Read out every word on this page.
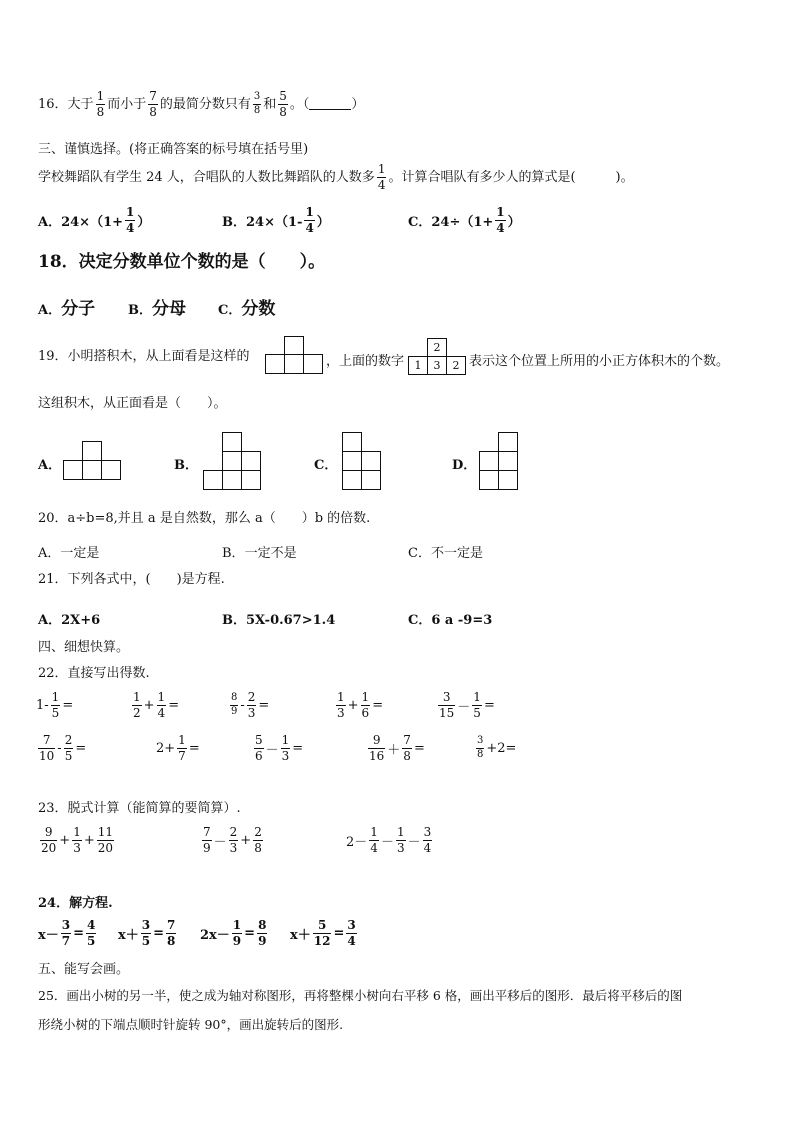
16． 大于 $\frac{1}{8}$ 而小于 $\frac{7}{8}$ 的最简分数只有 $\frac{3}{8}$ 和 $\frac{5}{8}$ 。（	）
三、谨慎选择。(将正确答案的标号填在括号里)
学校舞蹈队有学生 24 人，合唱队的人数比舞蹈队的人数多 $\frac{1}{4}$ 。计算合唱队有多少人的算式是(	)。
A． $24\times(1+ \frac{1}{4}$ ）	B． $24\times(1- \frac{1}{4}$ ）	C． $24\div(1+ \frac{1}{4}$ ）
18．决定分数单位个数的是（　　）。
A．分子	B．分母 C．分数
19．小明搭积木，从上面看是这样的	，上面的数字
2
1	3	2 表示这个位置上所用的小正方体积木的个数。
这组积木，从正面看是（　　）。
A．	B．	C．	D．
20．a÷b=8,并且 a 是自然数，那么 a（　　）b 的倍数.
A．一定是	B．一定不是	C．不一定是
21．下列各式中，(　　)是方程.
A．2X+6	B．5X-0.67>1.4	C．6 a -9=3
四、细想快算。
22．直接写出得数.
$1- \frac{1}{5}$ =	$\frac{1}{2} + \frac{1}{4}$ =	$\frac{8}{9} - \frac{2}{3}$ =	$\frac{1}{3} + \frac{1}{6}$ =	$\frac{3}{15} - \frac{1}{5}$ =
$\frac{7}{10} - \frac{2}{5}$ =	$2+ \frac{1}{7}$ =	$\frac{5}{6} - \frac{1}{3}$ =	$\frac{9}{16} + \frac{7}{8}$ =	$\frac{3}{8} +2=$
23．脱式计算（能简算的要简算）.
$\frac{9}{20} + \frac{1}{3} + \frac{11}{20}$	$\frac{7}{9} - \frac{2}{3} + \frac{2}{8}$	$2- \frac{1}{4} - \frac{1}{3} - \frac{3}{4}$
24．解方程.
$x- \frac{3}{7} = \frac{4}{5} x+ \frac{3}{5} = \frac{7}{8} 2x- \frac{1}{9} = \frac{8}{9} x+ \frac{5}{12} = \frac{3}{4}$
五、能写会画。
25．画出小树的另一半，使之成为轴对称图形，再将整棵小树向右平移 6 格，画出平移后的图形．最后将平移后的图
形绕小树的下端点顺时针旋转 90°，画出旋转后的图形.
